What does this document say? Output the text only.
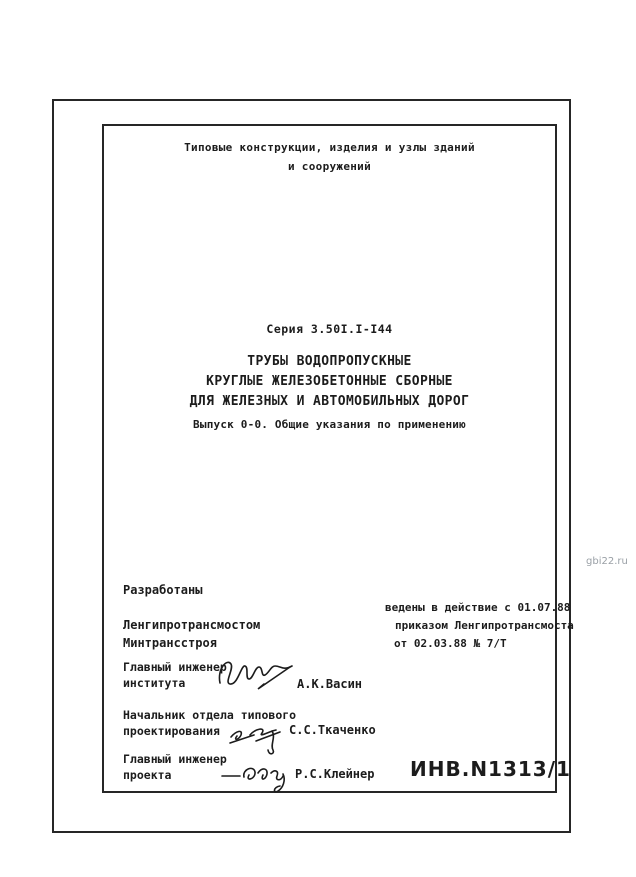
Типовые конструкции, изделия и узлы зданий
и сооружений
Серия 3.50I.I-I44
ТРУБЫ ВОДОПРОПУСКНЫЕ
КРУГЛЫЕ ЖЕЛЕЗОБЕТОННЫЕ СБОРНЫЕ
ДЛЯ ЖЕЛЕЗНЫХ И АВТОМОБИЛЬНЫХ ДОРОГ
Выпуск 0-0. Общие указания по применению
Разработаны
Ленгипротрансмостом
Минтрансстроя
ведены в действие с 01.07.88
приказом Ленгипротрансмоста
от 02.03.88 № 7/Т
Главный инженер
института	А.К.Васин
Начальник отдела типового
проектирования	С.С.Ткаченко
Главный инженер
проекта	Р.С.Клейнер ИНВ.N1313/1
gbi22.ru
